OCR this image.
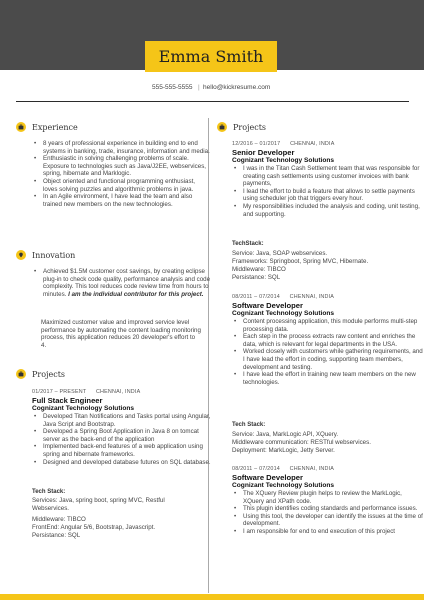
Emma Smith
555-555-5555 | hello@kickresume.com
Experience
• 8 years of professional experience in building end to end systems in banking, trade, insurance, information and media.
• Enthusiastic in solving challenging problems of scale. Exposure to technologies such as Java/J2EE, webservices, spring, hibernate and Marklogic.
• Object oriented and functional programming enthusiast, loves solving puzzles and algorithmic problems in java.
• In an Agile environment, I have lead the team and also trained new members on the new technologies.
Innovation
• Achieved $1.5M customer cost savings, by creating eclipse plug-in to check code quality, performance analysis and code complexity. This tool reduces code review time from hours to minutes. I am the individual contributor for this project.

Maximized customer value and improved service level performance by automating the content loading monitoring process, this application reduces 20 developer's effort to 4.

Projects
01/2017 – PRESENT CHENNAI, INDIA
Full Stack Engineer
Cognizant Technology Solutions
• Developed Titan Notifications and Tasks portal using Angular, Java Script and Bootstrap.
• Developed a Spring Boot Application in Java 8 on tomcat server as the back-end of the application
• Implemented back-end features of a web application using spring and hibernate frameworks.
• Designed and developed database futures on SQL database.
Tech Stack:
Services: Java, spring boot, spring MVC, Restful Webservices.
Middleware: TIBCO
FrontEnd: Angular 5/6, Bootstrap, Javascript.
Persistance: SQL
Projects
12/2016 – 01/2017 CHENNAI, INDIA
Senior Developer
Cognizant Technology Solutions
• I was in the Titan Cash Settlement team that was responsible for creating cash settlements using customer invoices with bank payments,
• I lead the effort to build a feature that allows to settle payments using scheduler job that triggers every hour.
• My responsibilities included the analysis and coding, unit testing, and supporting.
TechStack:
Service: Java, SOAP webservices.
Frameworks: Springboot, Spring MVC, Hibernate.
Middleware: TIBCO
Persistance: SQL
08/2011 – 07/2014 CHENNAI, INDIA
Software Developer
Cognizant Technology Solutions
• Content processing application, this module performs multi-step processing data.
• Each step in the process extracts raw content and enriches the data, which is relevant for legal departments in the USA.
• Worked closely with customers while gathering requirements, and I have lead the effort in coding, supporting team members, development and testing.
• I have lead the effort in training new team members on the new technologies.
Tech Stack:
Service: Java, MarkLogic API, XQuery.
Middleware communication: RESTful webservices.
Deployment: MarkLogic, Jetty Server.
08/2011 – 07/2014 CHENNAI, INDIA
Software Developer
Cognizant Technology Solutions
• The XQuery Review plugin helps to review the MarkLogic, XQuery and XPath code.
• This plugin identifies coding standards and performance issues.
• Using this tool, the developer can identify the issues at the time of development.
• I am responsible for end to end execution of this project
